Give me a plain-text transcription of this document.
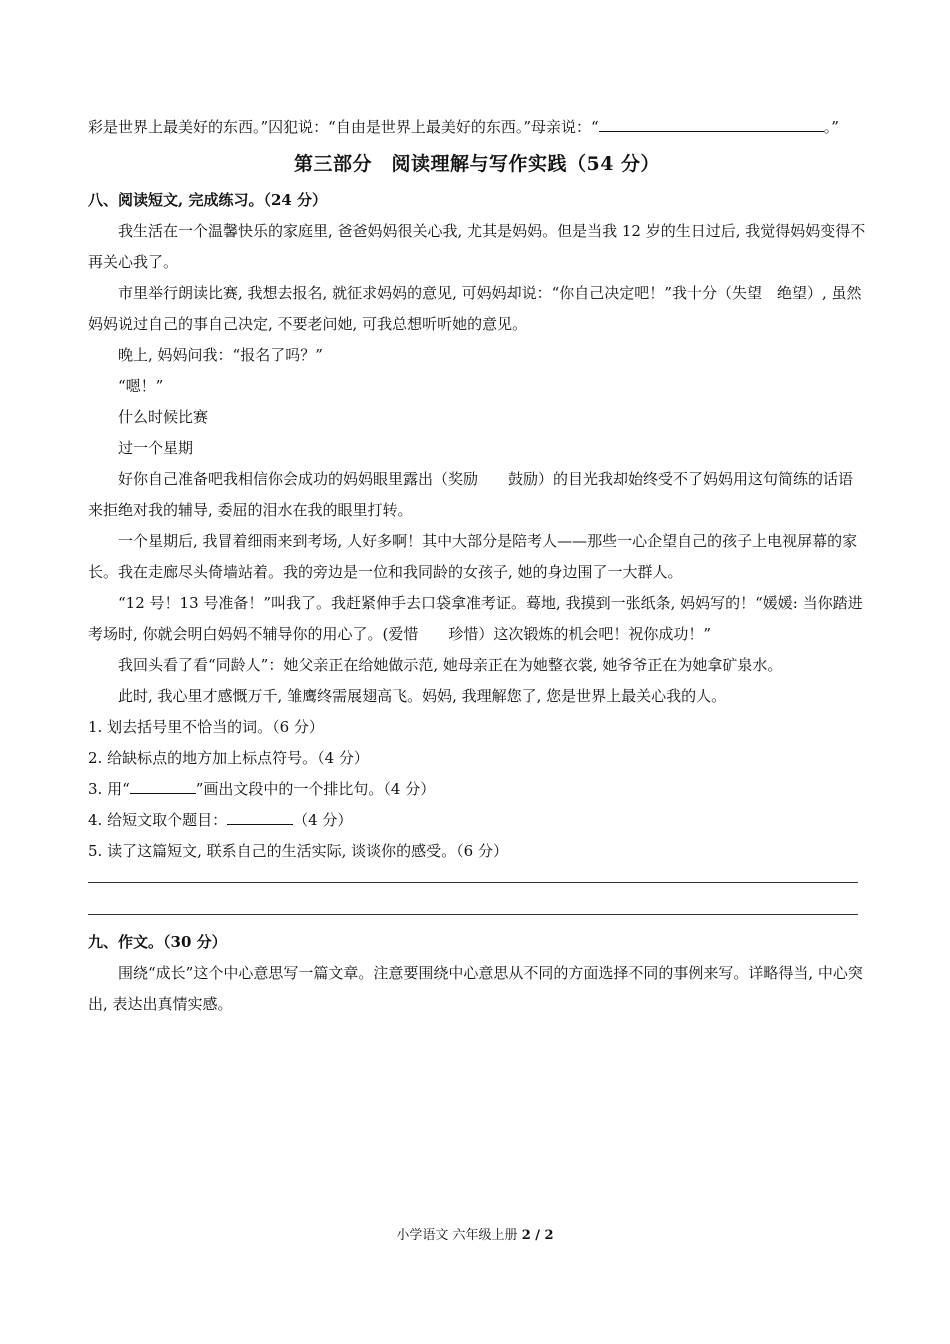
彩是世界上最美好的东西。”囚犯说：“自由是世界上最美好的东西。”母亲说：“	。”
第三部分　阅读理解与写作实践（54 分）
八、阅读短文, 完成练习。（24 分）

我生活在一个温馨快乐的家庭里, 爸爸妈妈很关心我, 尤其是妈妈。但是当我 12 岁的生日过后, 我觉得妈妈变得不再关心我了。

市里举行朗读比赛, 我想去报名, 就征求妈妈的意见, 可妈妈却说：“你自己决定吧！”我十分（失望　绝望）, 虽然妈妈说过自己的事自己决定, 不要老问她, 可我总想听听她的意见。

晚上, 妈妈问我：“报名了吗？”

“嗯！”

什么时候比赛

过一个星期

好你自己准备吧我相信你会成功的妈妈眼里露出（奖励　　鼓励）的目光我却始终受不了妈妈用这句简练的话语来拒绝对我的辅导, 委屈的泪水在我的眼里打转。

一个星期后, 我冒着细雨来到考场, 人好多啊！其中大部分是陪考人——那些一心企望自己的孩子上电视屏幕的家长。我在走廊尽头倚墙站着。我的旁边是一位和我同龄的女孩子, 她的身边围了一大群人。

“12 号！13 号准备！”叫我了。我赶紧伸手去口袋拿准考证。蓦地, 我摸到一张纸条, 妈妈写的！“媛媛: 当你踏进考场时, 你就会明白妈妈不辅导你的用心了。(爱惜　　珍惜）这次锻炼的机会吧！祝你成功！”

我回头看了看“同龄人”：她父亲正在给她做示范, 她母亲正在为她整衣裳, 她爷爷正在为她拿矿泉水。

此时, 我心里才感慨万千, 雏鹰终需展翅高飞。妈妈, 我理解您了, 您是世界上最关心我的人。

1. 划去括号里不恰当的词。（6 分）
2. 给缺标点的地方加上标点符号。（4 分）
3. 用“	”画出文段中的一个排比句。（4 分）
4. 给短文取个题目：	（4 分）
5. 读了这篇短文, 联系自己的生活实际, 谈谈你的感受。（6 分）
九、作文。（30 分）

围绕“成长”这个中心意思写一篇文章。注意要围绕中心意思从不同的方面选择不同的事例来写。详略得当, 中心突出, 表达出真情实感。

小学语文 六年级上册 2 / 2
